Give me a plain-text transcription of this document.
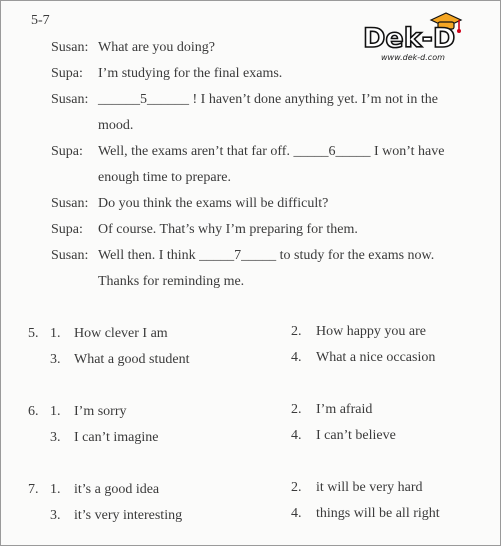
5-7
Dek-D
www.dek-d.com
Susan: What are you doing?
Supa: I’m studying for the final exams.
Susan: ______5______ ! I haven’t done anything yet. I’m not in the
mood.
Supa: Well, the exams aren’t that far off. _____6_____ I won’t have
enough time to prepare.
Susan: Do you think the exams will be difficult?
Supa: Of course. That’s why I’m preparing for them.
Susan: Well then. I think _____7_____ to study for the exams now.
Thanks for reminding me.
5. 1. How clever I am	2. How happy you are
3. What a good student	4. What a nice occasion
6. 1. I’m sorry	2. I’m afraid
3. I can’t imagine	4. I can’t believe
7. 1. it’s a good idea	2. it will be very hard
3. it’s very interesting	4. things will be all right
